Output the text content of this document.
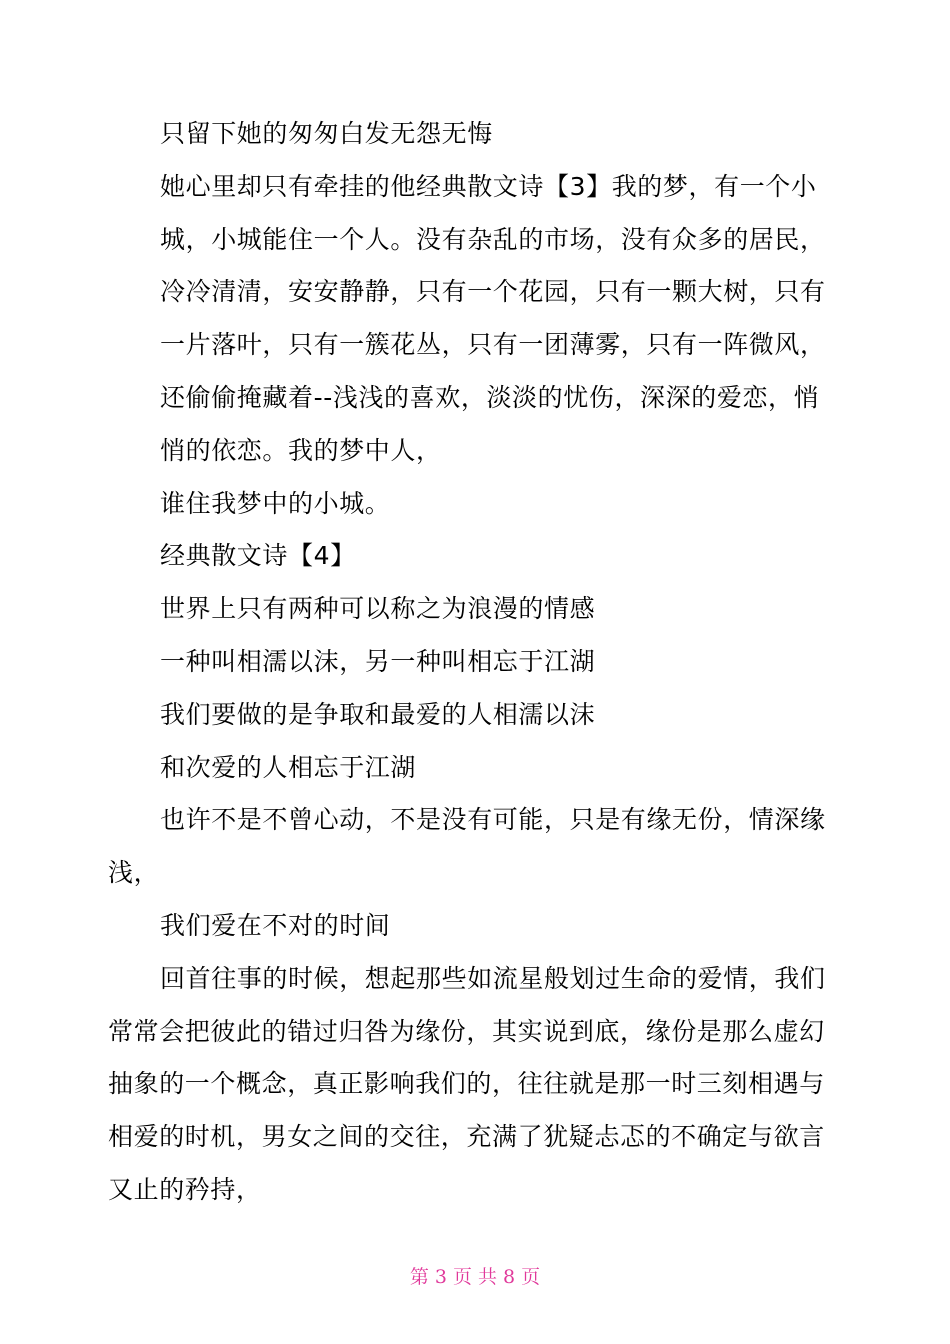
只留下她的匆匆白发无怨无悔
她心里却只有牵挂的他经典散文诗【3】我的梦，有一个小
城，小城能住一个人。没有杂乱的市场，没有众多的居民，
冷冷清清，安安静静，只有一个花园，只有一颗大树，只有
一片落叶，只有一簇花丛，只有一团薄雾，只有一阵微风，
还偷偷掩藏着--浅浅的喜欢，淡淡的忧伤，深深的爱恋，悄
悄的依恋。我的梦中人，
谁住我梦中的小城。
经典散文诗【4】
世界上只有两种可以称之为浪漫的情感
一种叫相濡以沫，另一种叫相忘于江湖
我们要做的是争取和最爱的人相濡以沫
和次爱的人相忘于江湖
也许不是不曾心动，不是没有可能，只是有缘无份，情深缘
浅，
我们爱在不对的时间
回首往事的时候，想起那些如流星般划过生命的爱情，我们
常常会把彼此的错过归咎为缘份，其实说到底，缘份是那么虚幻
抽象的一个概念，真正影响我们的，往往就是那一时三刻相遇与
相爱的时机，男女之间的交往，充满了犹疑忐忑的不确定与欲言
又止的矜持，
第 3 页 共 8 页
